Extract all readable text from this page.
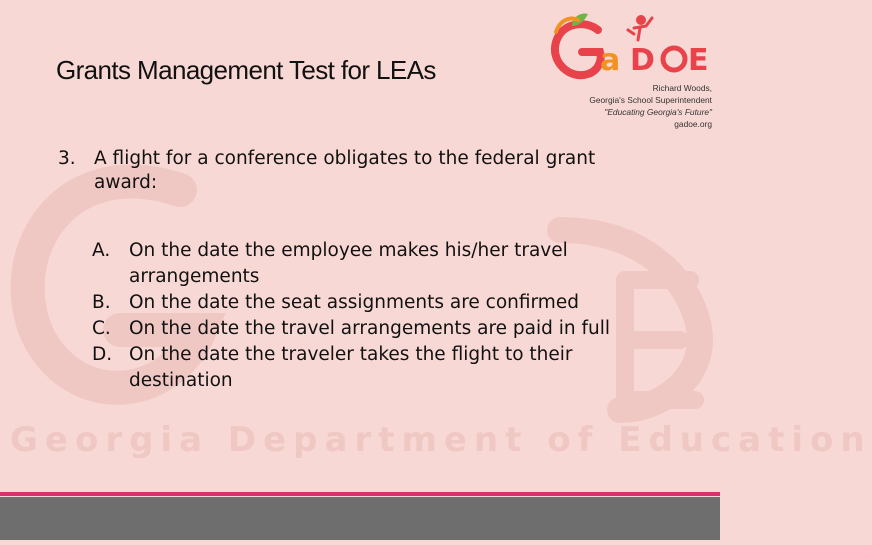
Georgia Department of Education
Grants Management Test for LEAs	a D E
Richard Woods,
Georgia's School Superintendent
"Educating Georgia's Future"
gadoe.org
3. A flight for a conference obligates to the federal grant award:
A.	On the date the employee makes his/her travel arrangements
B. On the date the seat assignments are confirmed
C. On the date the travel arrangements are paid in full
D. On the date the traveler takes the flight to their destination
